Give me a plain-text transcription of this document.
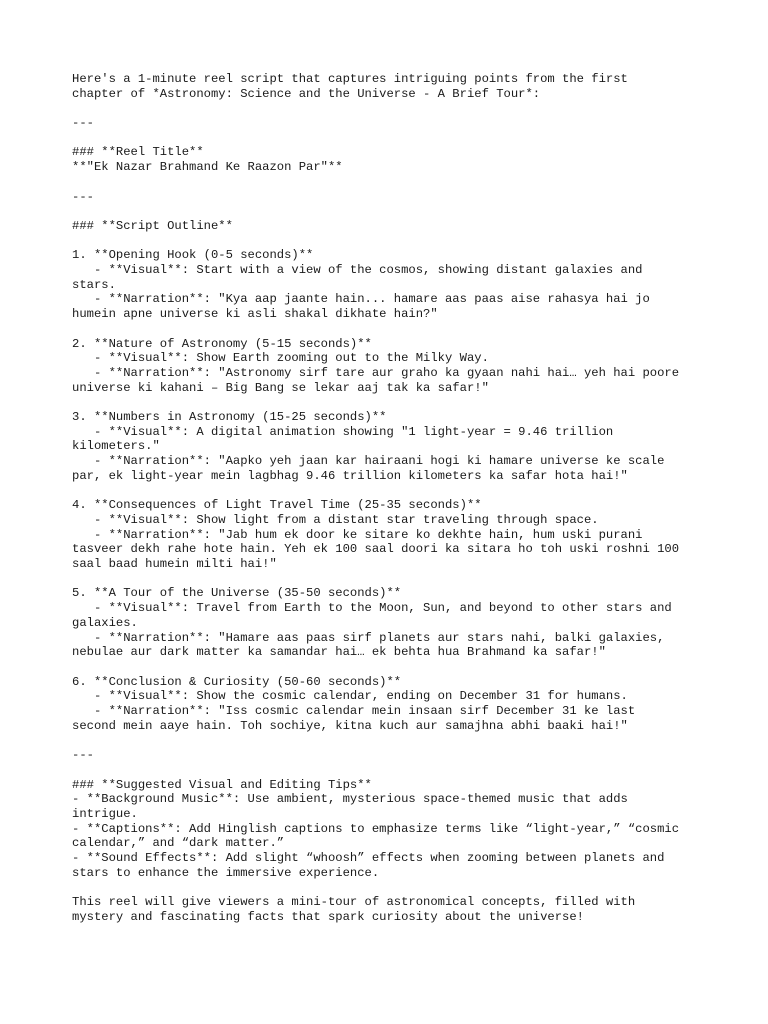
Here's a 1-minute reel script that captures intriguing points from the first
chapter of *Astronomy: Science and the Universe - A Brief Tour*:
---
### **Reel Title**
**"Ek Nazar Brahmand Ke Raazon Par"**
---
### **Script Outline**
1. **Opening Hook (0-5 seconds)**
- **Visual**: Start with a view of the cosmos, showing distant galaxies and
stars.
- **Narration**: "Kya aap jaante hain... hamare aas paas aise rahasya hai jo
humein apne universe ki asli shakal dikhate hain?"
2. **Nature of Astronomy (5-15 seconds)**
- **Visual**: Show Earth zooming out to the Milky Way.
- **Narration**: "Astronomy sirf tare aur graho ka gyaan nahi hai… yeh hai poore
universe ki kahani – Big Bang se lekar aaj tak ka safar!"
3. **Numbers in Astronomy (15-25 seconds)**
- **Visual**: A digital animation showing "1 light-year = 9.46 trillion
kilometers."
- **Narration**: "Aapko yeh jaan kar hairaani hogi ki hamare universe ke scale
par, ek light-year mein lagbhag 9.46 trillion kilometers ka safar hota hai!"
4. **Consequences of Light Travel Time (25-35 seconds)**
- **Visual**: Show light from a distant star traveling through space.
- **Narration**: "Jab hum ek door ke sitare ko dekhte hain, hum uski purani
tasveer dekh rahe hote hain. Yeh ek 100 saal doori ka sitara ho toh uski roshni 100
saal baad humein milti hai!"
5. **A Tour of the Universe (35-50 seconds)**
- **Visual**: Travel from Earth to the Moon, Sun, and beyond to other stars and
galaxies.
- **Narration**: "Hamare aas paas sirf planets aur stars nahi, balki galaxies,
nebulae aur dark matter ka samandar hai… ek behta hua Brahmand ka safar!"
6. **Conclusion & Curiosity (50-60 seconds)**
- **Visual**: Show the cosmic calendar, ending on December 31 for humans.
- **Narration**: "Iss cosmic calendar mein insaan sirf December 31 ke last
second mein aaye hain. Toh sochiye, kitna kuch aur samajhna abhi baaki hai!"
---
### **Suggested Visual and Editing Tips**
- **Background Music**: Use ambient, mysterious space-themed music that adds
intrigue.
- **Captions**: Add Hinglish captions to emphasize terms like “light-year,” “cosmic
calendar,” and “dark matter.”
- **Sound Effects**: Add slight “whoosh” effects when zooming between planets and
stars to enhance the immersive experience.
This reel will give viewers a mini-tour of astronomical concepts, filled with
mystery and fascinating facts that spark curiosity about the universe!
